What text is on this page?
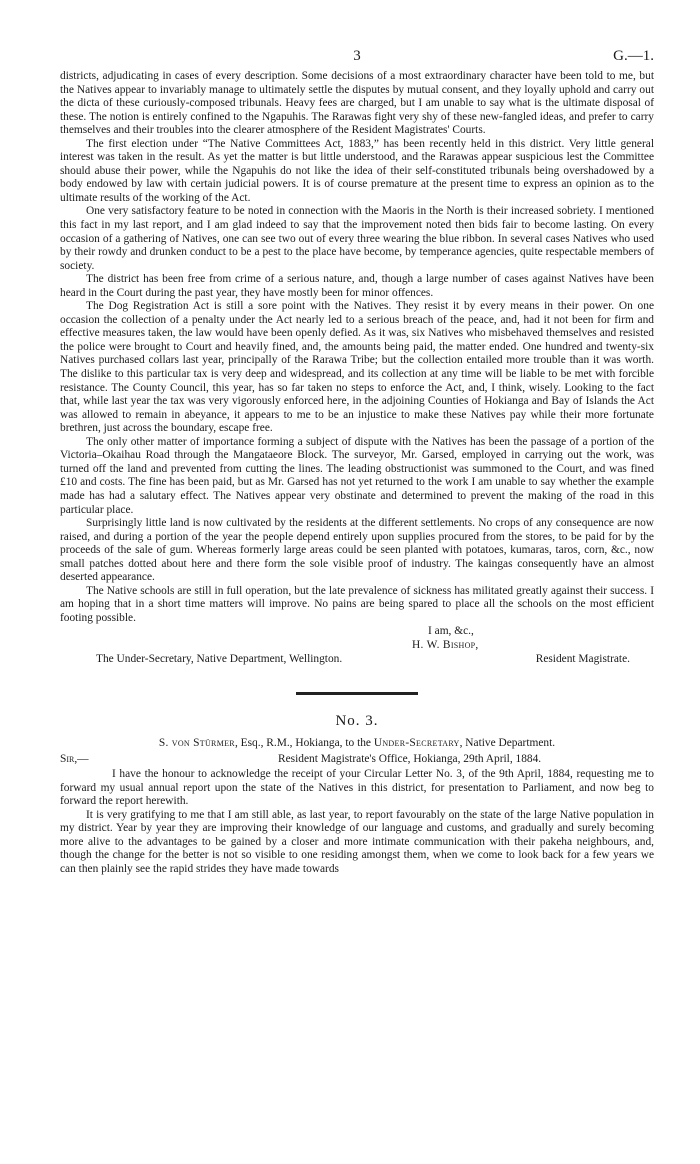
3	G.—1.

districts, adjudicating in cases of every description. Some decisions of a most extraordinary character have been told to me, but the Natives appear to invariably manage to ultimately settle the disputes by mutual consent, and they loyally uphold and carry out the dicta of these curiously-composed tribunals. Heavy fees are charged, but I am unable to say what is the ultimate disposal of these. The notion is entirely confined to the Ngapuhis. The Rarawas fight very shy of these new-fangled ideas, and prefer to carry themselves and their troubles into the clearer atmosphere of the Resident Magistrates' Courts.

The first election under “The Native Committees Act, 1883,” has been recently held in this district. Very little general interest was taken in the result. As yet the matter is but little understood, and the Rarawas appear suspicious lest the Committee should abuse their power, while the Ngapuhis do not like the idea of their self-constituted tribunals being overshadowed by a body endowed by law with certain judicial powers. It is of course premature at the present time to express an opinion as to the ultimate results of the working of the Act.

One very satisfactory feature to be noted in connection with the Maoris in the North is their increased sobriety. I mentioned this fact in my last report, and I am glad indeed to say that the improvement noted then bids fair to become lasting. On every occasion of a gathering of Natives, one can see two out of every three wearing the blue ribbon. In several cases Natives who used by their rowdy and drunken conduct to be a pest to the place have become, by temperance agencies, quite respectable members of society.

The district has been free from crime of a serious nature, and, though a large number of cases against Natives have been heard in the Court during the past year, they have mostly been for minor offences.

The Dog Registration Act is still a sore point with the Natives. They resist it by every means in their power. On one occasion the collection of a penalty under the Act nearly led to a serious breach of the peace, and, had it not been for firm and effective measures taken, the law would have been openly defied. As it was, six Natives who misbehaved themselves and resisted the police were brought to Court and heavily fined, and, the amounts being paid, the matter ended. One hundred and twenty-six Natives purchased collars last year, principally of the Rarawa Tribe; but the collection entailed more trouble than it was worth. The dislike to this particular tax is very deep and widespread, and its collection at any time will be liable to be met with forcible resistance. The County Council, this year, has so far taken no steps to enforce the Act, and, I think, wisely. Looking to the fact that, while last year the tax was very vigorously enforced here, in the adjoining Counties of Hokianga and Bay of Islands the Act was allowed to remain in abeyance, it appears to me to be an injustice to make these Natives pay while their more fortunate brethren, just across the boundary, escape free.

The only other matter of importance forming a subject of dispute with the Natives has been the passage of a portion of the Victoria–Okaihau Road through the Mangataeore Block. The surveyor, Mr. Garsed, employed in carrying out the work, was turned off the land and prevented from cutting the lines. The leading obstructionist was summoned to the Court, and was fined £10 and costs. The fine has been paid, but as Mr. Garsed has not yet returned to the work I am unable to say whether the example made has had a salutary effect. The Natives appear very obstinate and determined to prevent the making of the road in this particular place.

Surprisingly little land is now cultivated by the residents at the different settlements. No crops of any consequence are now raised, and during a portion of the year the people depend entirely upon supplies procured from the stores, to be paid for by the proceeds of the sale of gum. Whereas formerly large areas could be seen planted with potatoes, kumaras, taros, corn, &c., now small patches dotted about here and there form the sole visible proof of industry. The kaingas consequently have an almost deserted appearance.

The Native schools are still in full operation, but the late prevalence of sickness has militated greatly against their success. I am hoping that in a short time matters will improve. No pains are being spared to place all the schools on the most efficient footing possible.

I am, &c.,
H. W. Bishop,
The Under-Secretary, Native Department, Wellington.	Resident Magistrate.
No. 3.
S. von Stürmer, Esq., R.M., Hokianga, to the Under-Secretary, Native Department.
Sir,—	Resident Magistrate's Office, Hokianga, 29th April, 1884.

I have the honour to acknowledge the receipt of your Circular Letter No. 3, of the 9th April, 1884, requesting me to forward my usual annual report upon the state of the Natives in this district, for presentation to Parliament, and now beg to forward the report herewith.

It is very gratifying to me that I am still able, as last year, to report favourably on the state of the large Native population in my district. Year by year they are improving their knowledge of our language and customs, and gradually and surely becoming more alive to the advantages to be gained by a closer and more intimate communication with their pakeha neighbours, and, though the change for the better is not so visible to one residing amongst them, when we come to look back for a few years we can then plainly see the rapid strides they have made towards
